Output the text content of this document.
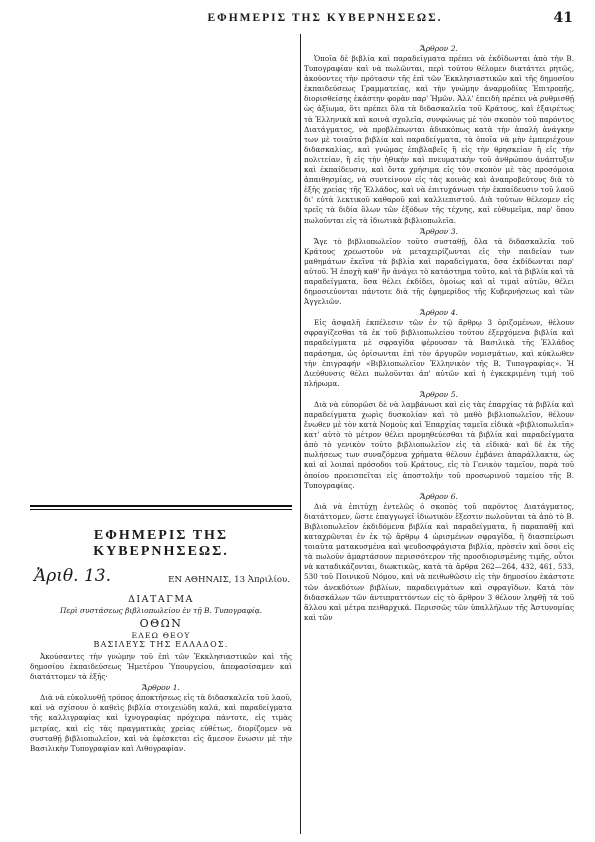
ΕΦΗΜΕΡΙΣ ΤΗΣ ΚΥΒΕΡΝΗΣΕΩΣ.	41
ΕΦΗΜΕΡΙΣ ΤΗΣ ΚΥΒΕΡΝΗΣΕΩΣ.
Ἀριθ. 13.	ΕΝ ΑΘΗΝΑΙΣ, 13 Ἀπριλίου.
ΔΙΑΤΑΓΜΑ
Περὶ συστάσεως βιβλιοπωλείου ἐν τῇ Β. Τυπογραφίᾳ.
ΟΘΩΝ
ΕΛΕΩ ΘΕΟΥ
ΒΑΣΙΛΕΥΣ ΤΗΣ ΕΛΛΑΔΟΣ.

Ἀκούσαντες τὴν γνώμην τοῦ ἐπὶ τῶν Ἐκκλησιαστικῶν καὶ τῆς δημοσίου ἐκπαιδεύσεως Ἡμετέρου Ὑπουργείου, ἀπεφασίσαμεν καὶ διατάττομεν τὰ ἑξῆς·

Ἄρθρον 1.

Διὰ νὰ εὐκολυνθῇ τρόπος ἀποκτήσεως εἰς τὰ διδασκαλεῖα τοῦ λαοῦ, καὶ νὰ σχίσουν ὁ καθεὶς βιβλία στοιχειώδη καλά, καὶ παραδείγματα τῆς καλλιγραφίας καὶ ἰχνογραφίας πρόχειρα πάντοτε, εἰς τιμὰς μετρίας, καὶ εἰς τὰς πραγματικὰς χρείας εὐθέτως, διορίζομεν νὰ συσταθῇ βιβλιοπωλεῖον, καὶ νὰ ἐφέσκεται εἰς ἄμεσον ἕνωσιν μὲ τὴν Βασιλικὴν Τυπογραφίαν καὶ Λιθογραφίαν.

Ἄρθρον 2.

Ὁποῖα δὲ βιβλία καὶ παραδείγματα πρέπει νὰ ἐκδίδωνται ἀπὸ τὴν Β. Τυπογραφίαν καὶ νὰ πωλῶνται, περὶ τούτου θέλομεν διατάττει ρητῶς, ἀκούοντες τὴν πρότασιν τῆς ἐπὶ τῶν Ἐκκλησιαστικῶν καὶ τῆς δημοσίου ἐκπαιδεύσεως Γραμματείας, καὶ τὴν γνώμην ἀναρμοδίας Ἐπιτροπῆς, διορισθείσης ἑκάστην φορὰν παρ' Ἡμῶν. Ἀλλ' ἐπειδὴ πρέπει νὰ ρυθμισθῇ ὡς ἀξίωμα, ὅτι πρέπει ὅλα τὰ διδασκαλεῖα τοῦ Κράτους, καὶ ἐξαιρέτως τὰ Ἑλληνικὰ καὶ κοινὰ σχολεῖα, συνφώνως μὲ τὸν σκοπὸν τοῦ παρόντος Διατάγματος, νὰ προβλέπωνται ἀδιακόπως κατὰ τὴν ἀπαλὴ ἀνάγκην των μὲ τοιαῦτα βιβλία καὶ παραδείγματα, τὰ ὁποῖα νὰ μὴν ἐμπεριέχουν διδασκαλίας, καὶ γνώμας ἐπιβλαβεῖς ἢ εἰς τὴν θρησκείαν ἢ εἰς τὴν πολιτείαν, ἢ εἰς τὴν ἠθικὴν καὶ πνευματικὴν τοῦ ἀνθρώπου ἀνάπτυξιν καὶ ἐκπαίδευσιν, καὶ ὄντα χρήσιμα εἰς τὸν σκοπὸν μὲ τὰς προσόμοια ἀπαιθησμίας, νὰ συντείνουν εἰς τὰς κοινὰς καὶ ἀναπροβεύτους διὰ τὸ ἑξῆς χρείας τῆς Ἑλλάδος, καὶ νὰ ἐπιτυχάνωσι τὴν ἐκπαίδευσιν τοῦ λαοῦ δι' εὐτὰ λεκτικοῦ καθαροῦ καὶ καλλιεπιστοῦ. Διὰ τούτων θέλεομεν εἰς τρεῖς τὰ διδία ὅλων τῶν ἐξόδων τῆς τέχνης, καὶ εὐθυμεῖμα, παρ' ὅπου πωλοῦνται εἰς τὰ ἰδιωτικὰ βιβλιοπωλεῖα.

Ἄρθρον 3.

Ἄγε τὸ βιβλιοπωλεῖον τοῦτο συσταθῇ, ὅλα τὰ διδασκαλεῖα τοῦ Κράτους χρεωστοῦν νὰ μεταχειρίζωνται εἰς τὴν παιδείαν των μαθημάτων ἐκεῖνα τὰ βιβλία καὶ παραδείγματα, ὅσα ἐκδίδωνται παρ' αὐτοῦ. Ἡ ἐποχὴ καθ' ἣν ἀνάγει τὸ κατάστημα τοῦτο, καὶ τὰ βιβλία καὶ τὰ παραδείγματα, ὅσα θέλει ἐκδίδει, ὁμοίως καὶ αἱ τιμαὶ αὐτῶν, θέλει δημοσιεύονται πάντοτε διὰ τῆς ἐφημερίδος τῆς Κυβερνήσεως καὶ τῶν Ἀγγελιῶν.

Ἄρθρον 4.

Εἰς ἀσφαλῆ ἐκπέλεσιν τῶν ἐν τῷ ἄρθρῳ 3 ὁριζομένων, θέλουν σφραγίζεσθαι τὰ ἐκ τοῦ βιβλιοπωλείου τούτου ἐξερχόμενα βιβλία καὶ παραδείγματα μὲ σφραγῖδα φέρουσαν τὰ Βασιλικὰ τῆς Ἑλλάδος παράσημα, ὡς ὁρίσωνται ἐπὶ τὸν ἀργυρῶν νομισμάτων, καὶ κύκλωθεν τὴν ἐπιγραφήν «Βιβλιοπωλεῖον Ἑλληνικὸν τῆς Β. Τυπογραφίας». Ἡ Διεύθυνσις θέλει πωλοῦνται ἀπ' αὐτῶν καὶ ἡ ἐγκεκριμένη τιμὴ τοῦ πλήρωμα.

Ἄρθρον 5.

Διὰ νὰ εὐπορῶσι δὲ νὰ λαμβάνωσι καὶ εἰς τὰς ἐπαρχίας τὰ βιβλία καὶ παραδείγματα χωρὶς δυσκολίαν καὶ τὸ μαθὸ βιβλιοπωλεῖον, θέλουν ἔνωθεν μὲ τὸν κατὰ Νομοὺς καὶ Ἐπαρχίας ταμεῖα εἰδικὰ «βιβλιοπωλεῖα» κατ' αὐτὸ τὸ μέτρον θέλει προμηθεύεσθαι τὰ βιβλία καὶ παραδείγματα ἀπὸ τὸ γενικὸν τοῦτο βιβλιοπωλεῖον εἰς τὰ εἰδικὰ· καὶ δὲ ἐκ τῆς πωλήσεως των συναζόμενα χρήματα θέλουν ἐμβάνει ἀπαράλλακτα, ὡς καὶ αἱ λοιπαὶ πρόσοδοι τοῦ Κράτους, εἰς τὸ Γενικὸν ταμεῖον, παρὰ τοῦ ὁποίου προεισπεῖται εἰς ἀποστολὴν τοῦ προσωρινοῦ ταμείου τῆς Β. Τυπογραφίας.

Ἄρθρον 6.

Διὰ νὰ ἐπιτύχῃ ἐντελῶς ὁ σκοπὸς τοῦ παρόντος Διατάγματος, διατάττομεν, ὥστε ἐπαγγωγεῖ ἰδιωτικὸν ἔξεστιν πωλοῦνται τὰ ἀπὸ τὸ Β. Βιβλιοπωλεῖον ἐκδιδόμενα βιβλία καὶ παραδείγματα, ἢ παραπαθῇ καὶ καταχρῶνται ἐν ἐκ τῷ ἄρθρῳ 4 ὡρισμένων σφραγῖδα, ἢ διασπείρωσι τοιαῦτα ματακυσμένα καὶ ψευδοσφράγιστα βιβλία, πρὸσεὶν καὶ ὅσοι εἰς τὰ πωλοῦν ἁμαρτάσουν περισσότερον τῆς προσδιορισμένης τιμῆς, οὗτοι νὰ καταδικάζονται, διωκτικῶς, κατὰ τὰ ἄρθρα 262—264, 432, 461, 533, 530 τοῦ Ποινικοῦ Νόμου, καὶ νὰ πειθωθῶσιν εἰς τὴν δημοσίου ἑκάστοτε τῶν ἀνεκδότων βιβλίων, παραδειγμάτων καὶ σφραγῖδων. Κατὰ τὸν διδασκάλων τῶν ἀντιπραττόντων εἰς τὸ ἄρθρον 3 θέλουν ληφθῇ τὰ τοῦ ἄλλου καὶ μέτρα πειθαρχικά. Περισσῶς τῶν ὑπαλλήλων τῆς Ἀστυνομίας καὶ τῶν
